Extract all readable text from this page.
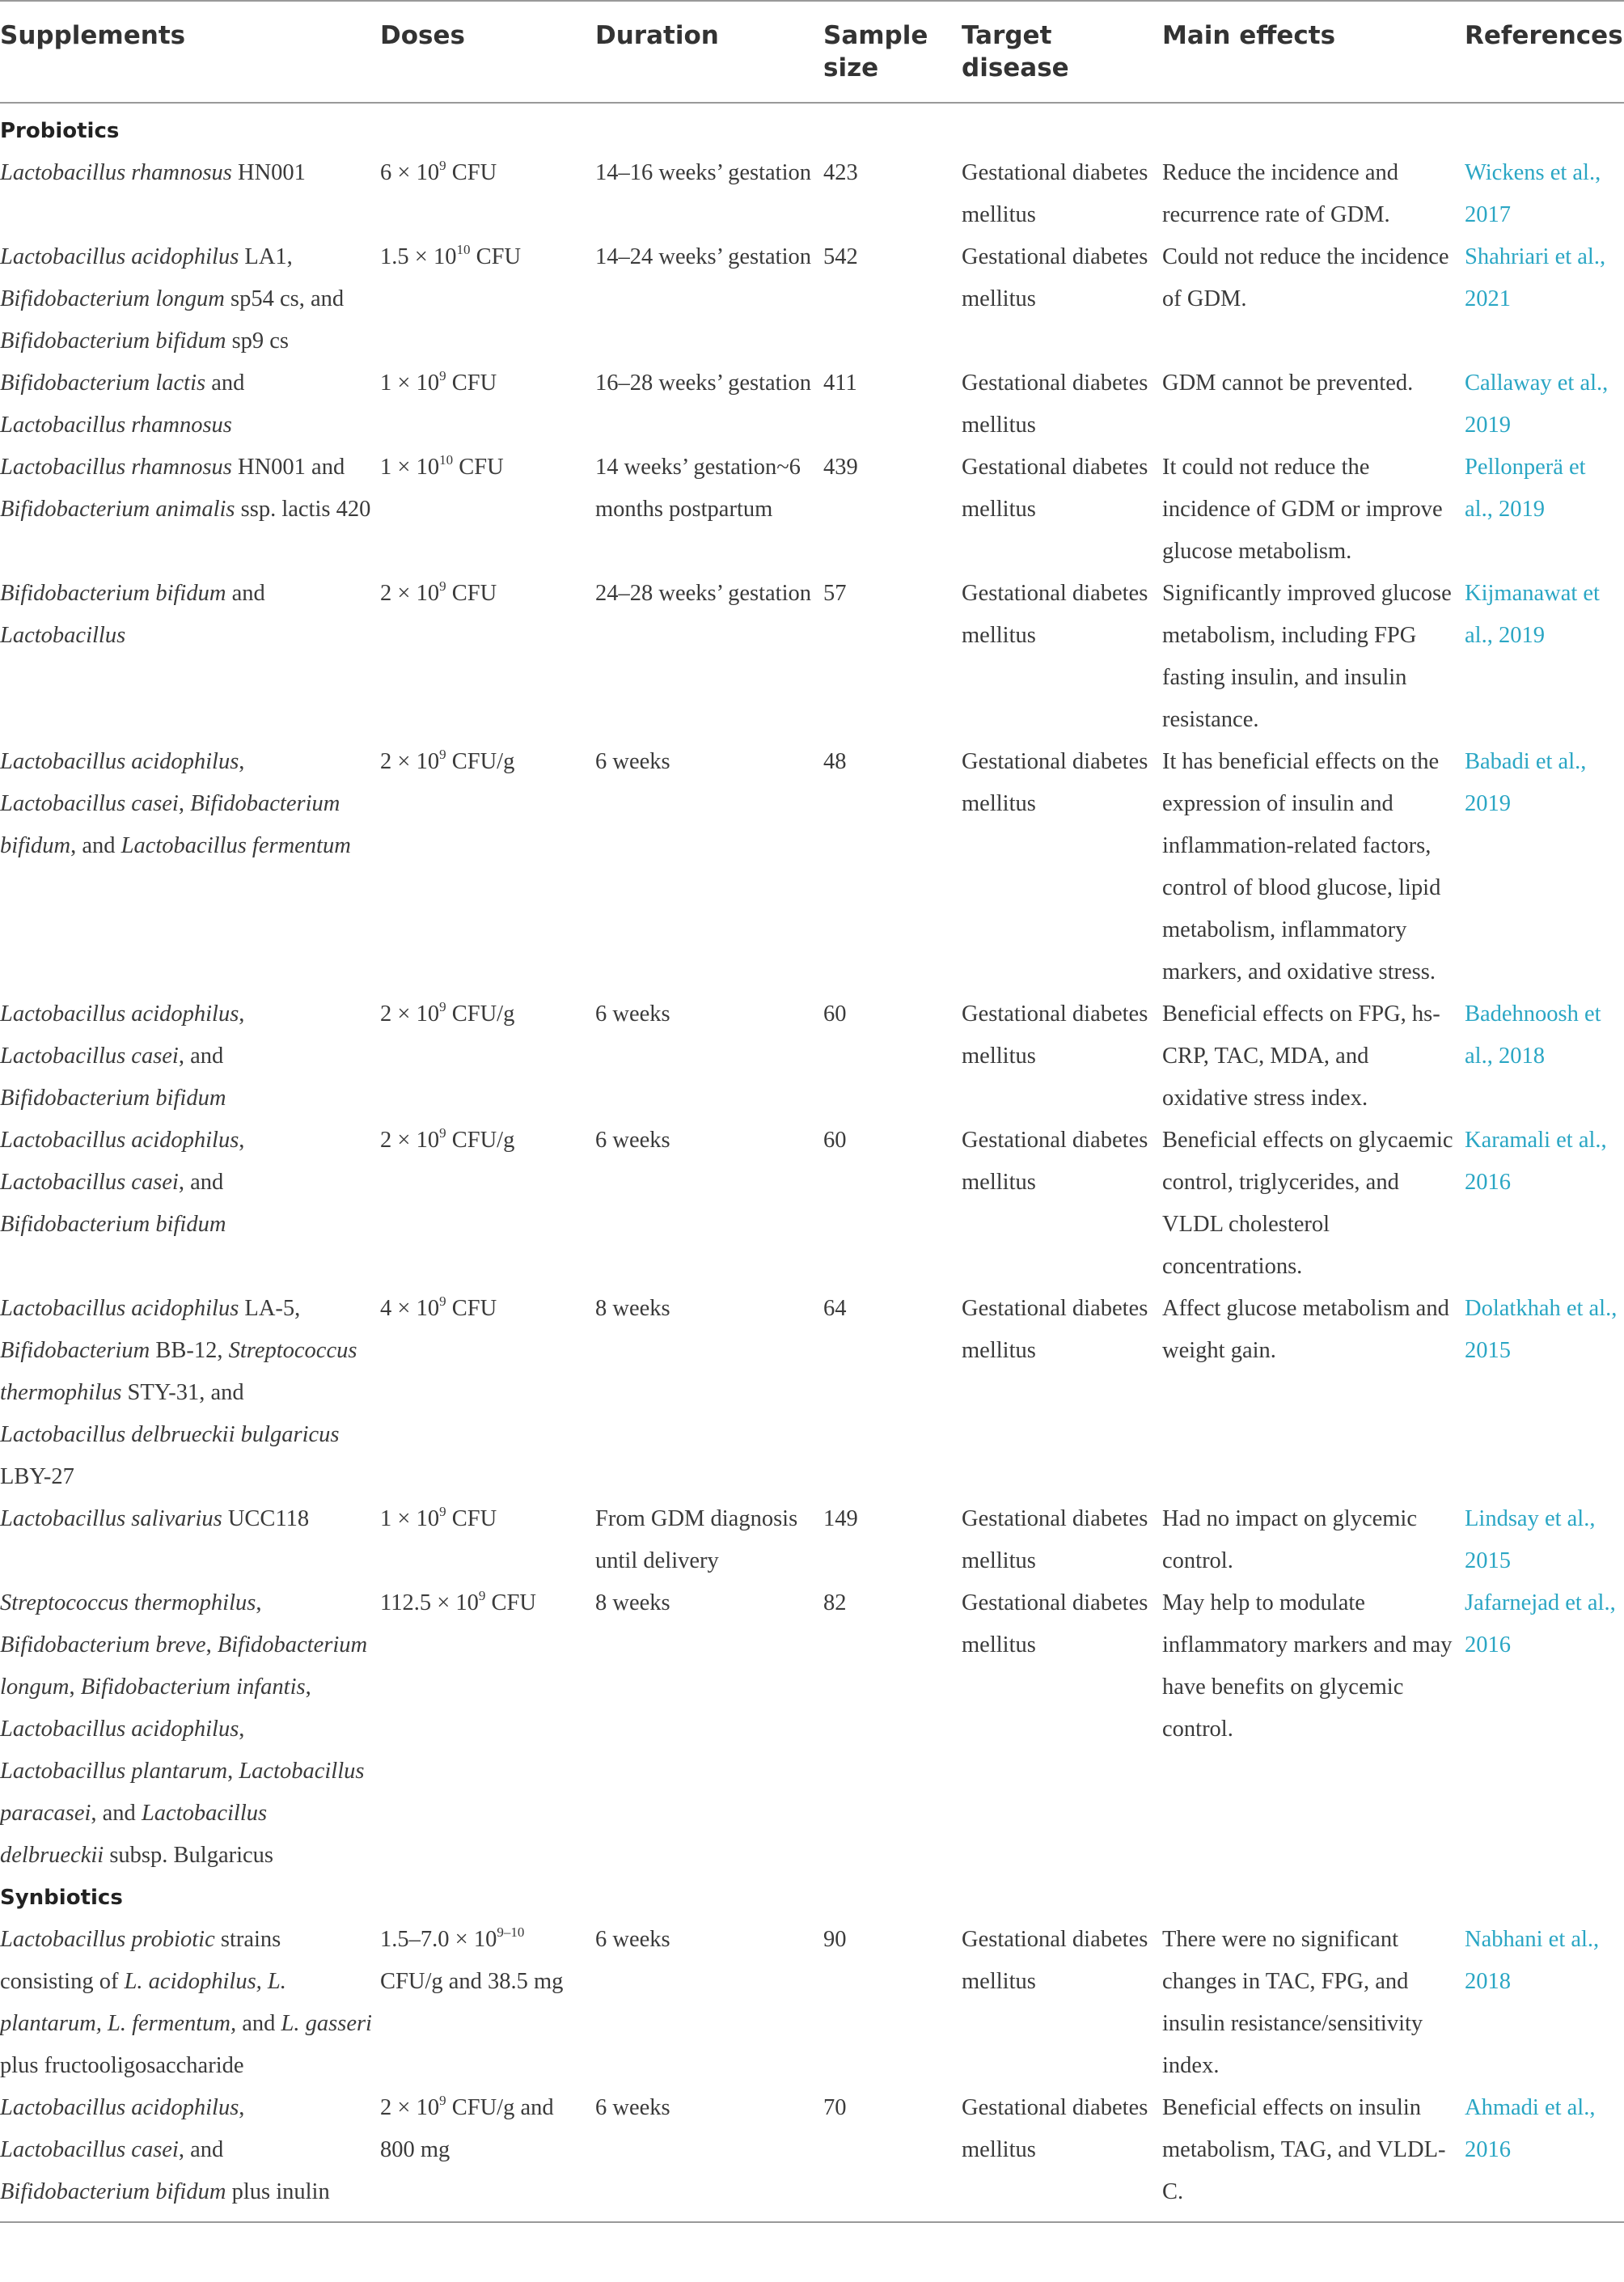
Supplements	Doses	Duration	Sample size	Target disease	Main effects	References
Probiotics						
Lactobacillus rhamnosus HN001	$6 \times 10^9$ CFU	14–16 weeks’ gestation	423	Gestational diabetes mellitus	Reduce the incidence and recurrence rate of GDM.	Wickens et al., 2017
Lactobacillus acidophilus LA1, Bifidobacterium longum sp54 cs, and Bifidobacterium bifidum sp9 cs	$1.5 \times 10^{10}$ CFU	14–24 weeks’ gestation	542	Gestational diabetes mellitus	Could not reduce the incidence of GDM.	Shahriari et al., 2021
Bifidobacterium lactis and Lactobacillus rhamnosus	$1 \times 10^9$ CFU	16–28 weeks’ gestation	411	Gestational diabetes mellitus	GDM cannot be prevented.	Callaway et al., 2019
Lactobacillus rhamnosus HN001 and Bifidobacterium animalis ssp. lactis 420	$1 \times 10^{10}$ CFU	14 weeks’ gestation~6 months postpartum	439	Gestational diabetes mellitus	It could not reduce the incidence of GDM or improve glucose metabolism.	Pellonperä et al., 2019
Bifidobacterium bifidum and Lactobacillus	$2 \times 10^9$ CFU	24–28 weeks’ gestation	57	Gestational diabetes mellitus	Significantly improved glucose metabolism, including FPG fasting insulin, and insulin resistance.	Kijmanawat et al., 2019
Lactobacillus acidophilus, Lactobacillus casei, Bifidobacterium bifidum, and Lactobacillus fermentum	$2 \times 10^9$ CFU/g	6 weeks	48	Gestational diabetes mellitus	It has beneficial effects on the expression of insulin and inflammation-related factors, control of blood glucose, lipid metabolism, inflammatory markers, and oxidative stress.	Babadi et al., 2019
Lactobacillus acidophilus, Lactobacillus casei, and Bifidobacterium bifidum	$2 \times 10^9$ CFU/g	6 weeks	60	Gestational diabetes mellitus	Beneficial effects on FPG, hs-CRP, TAC, MDA, and oxidative stress index.	Badehnoosh et al., 2018
Lactobacillus acidophilus, Lactobacillus casei, and Bifidobacterium bifidum	$2 \times 10^9$ CFU/g	6 weeks	60	Gestational diabetes mellitus	Beneficial effects on glycaemic control, triglycerides, and VLDL cholesterol concentrations.	Karamali et al., 2016
Lactobacillus acidophilus LA-5, Bifidobacterium BB-12, Streptococcus thermophilus STY-31, and Lactobacillus delbrueckii bulgaricus LBY-27	$4 \times 10^9$ CFU	8 weeks	64	Gestational diabetes mellitus	Affect glucose metabolism and weight gain.	Dolatkhah et al., 2015
Lactobacillus salivarius UCC118	$1 \times 10^9$ CFU	From GDM diagnosis until delivery	149	Gestational diabetes mellitus	Had no impact on glycemic control.	Lindsay et al., 2015
Streptococcus thermophilus, Bifidobacterium breve, Bifidobacterium longum, Bifidobacterium infantis, Lactobacillus acidophilus, Lactobacillus plantarum, Lactobacillus paracasei, and Lactobacillus delbrueckii subsp. Bulgaricus	$112.5 \times 10^9$ CFU	8 weeks	82	Gestational diabetes mellitus	May help to modulate inflammatory markers and may have benefits on glycemic control.	Jafarnejad et al., 2016
Synbiotics						
Lactobacillus probiotic strains consisting of L. acidophilus, L. plantarum, L. fermentum, and L. gasseri plus fructooligosaccharide	$1.5-7.0 \times 10^{9-10}$ CFU/g and 38.5 mg	6 weeks	90	Gestational diabetes mellitus	There were no significant changes in TAC, FPG, and insulin resistance/sensitivity index.	Nabhani et al., 2018
Lactobacillus acidophilus, Lactobacillus casei, and Bifidobacterium bifidum plus inulin	$2 \times 10^9$ CFU/g and 800 mg	6 weeks	70	Gestational diabetes mellitus	Beneficial effects on insulin metabolism, TAG, and VLDL-C.	Ahmadi et al., 2016
